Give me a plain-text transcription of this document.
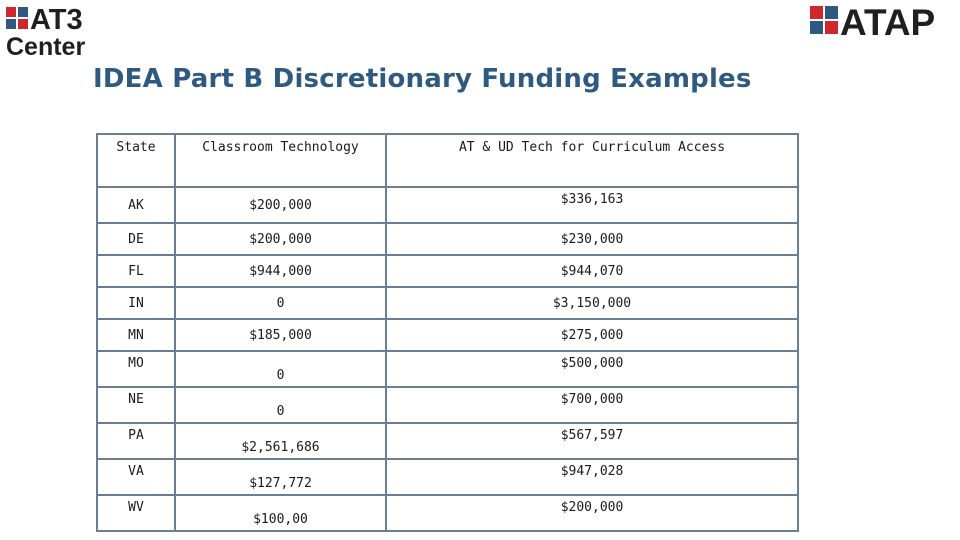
AT3
Center
ATAP
IDEA Part B Discretionary Funding Examples
State	Classroom Technology	AT & UD Tech for Curriculum Access
AK	$200,000	$336,163
DE	$200,000	$230,000
FL	$944,000	$944,070
IN	0	$3,150,000
MN	$185,000	$275,000
MO	0	$500,000
NE	0	$700,000
PA	$2,561,686	$567,597
VA	$127,772	$947,028
WV	$100,00	$200,000
